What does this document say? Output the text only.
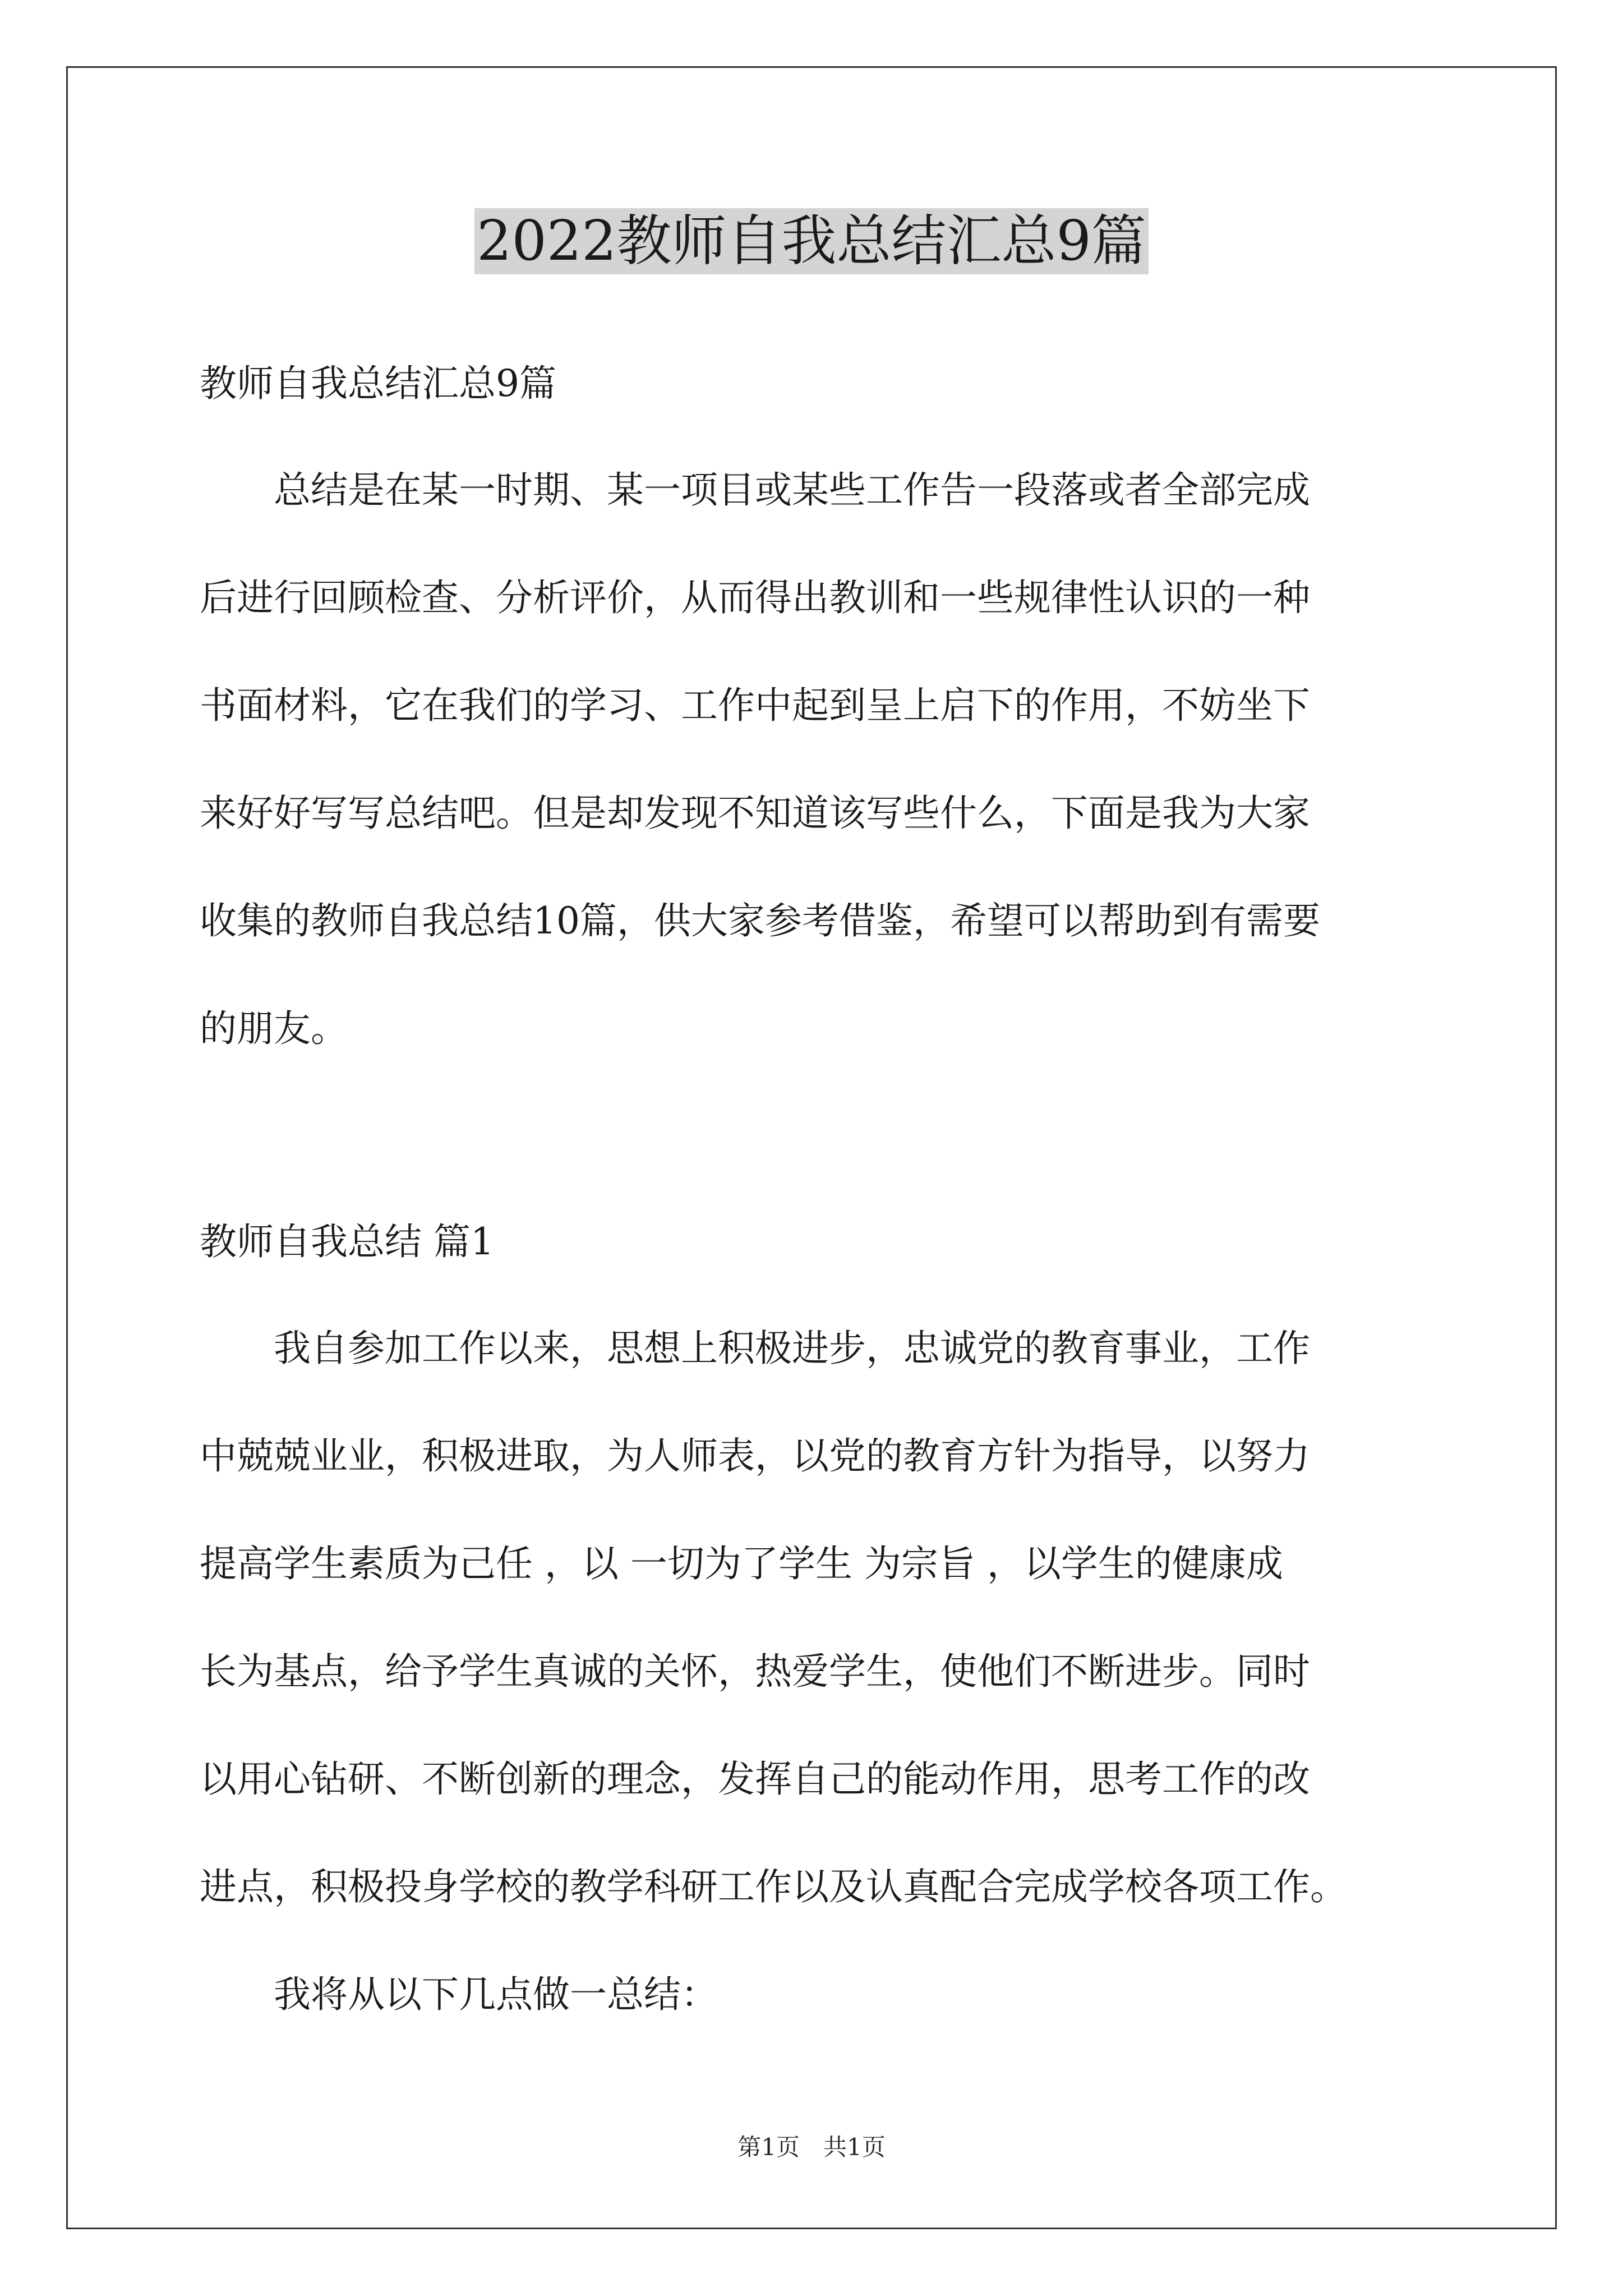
2022教师自我总结汇总9篇
教师自我总结汇总9篇
　　总结是在某一时期、某一项目或某些工作告一段落或者全部完成
后进行回顾检查、分析评价，从而得出教训和一些规律性认识的一种
书面材料，它在我们的学习、工作中起到呈上启下的作用，不妨坐下
来好好写写总结吧。但是却发现不知道该写些什么，下面是我为大家
收集的教师自我总结10篇，供大家参考借鉴，希望可以帮助到有需要
的朋友。
教师自我总结 篇1
　　我自参加工作以来，思想上积极进步，忠诚党的教育事业，工作
中兢兢业业，积极进取，为人师表，以党的教育方针为指导，以努力
提高学生素质为己任 ，以 一切为了学生 为宗旨 ，以学生的健康成
长为基点，给予学生真诚的关怀，热爱学生，使他们不断进步。同时
以用心钻研、不断创新的理念，发挥自己的能动作用，思考工作的改
进点，积极投身学校的教学科研工作以及认真配合完成学校各项工作。
　　我将从以下几点做一总结：
第1页　共1页
